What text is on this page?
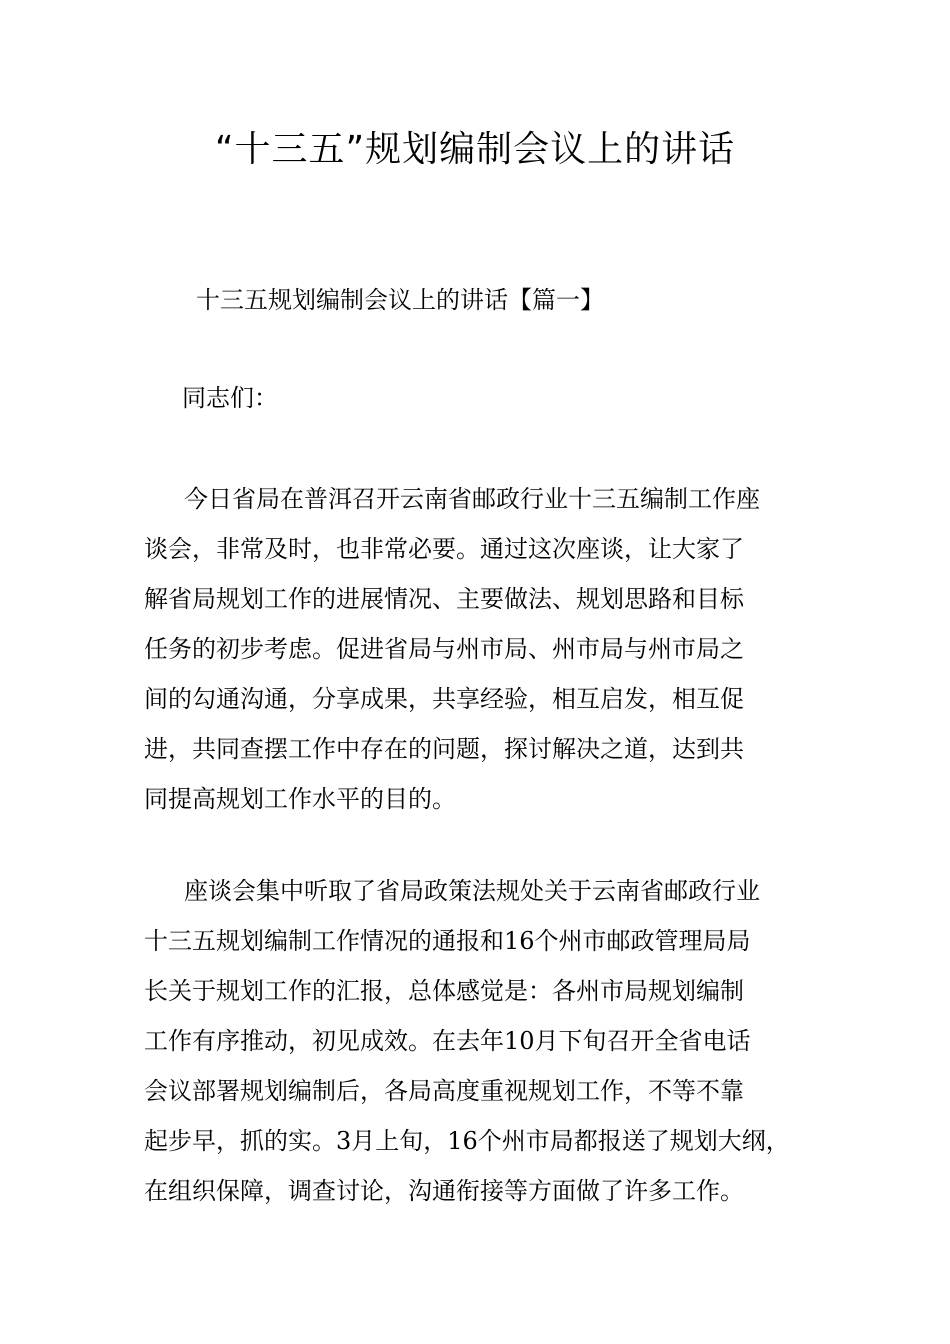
“十三五”规划编制会议上的讲话

十三五规划编制会议上的讲话【篇一】

同志们：

今日省局在普洱召开云南省邮政行业十三五编制工作座
谈会，非常及时，也非常必要。通过这次座谈，让大家了
解省局规划工作的进展情况、主要做法、规划思路和目标
任务的初步考虑。促进省局与州市局、州市局与州市局之
间的勾通沟通，分享成果，共享经验，相互启发，相互促
进，共同查摆工作中存在的问题，探讨解决之道，达到共
同提高规划工作水平的目的。
座谈会集中听取了省局政策法规处关于云南省邮政行业
十三五规划编制工作情况的通报和16个州市邮政管理局局
长关于规划工作的汇报，总体感觉是：各州市局规划编制
工作有序推动，初见成效。在去年10月下旬召开全省电话
会议部署规划编制后，各局高度重视规划工作，不等不靠
起步早，抓的实。3月上旬，16个州市局都报送了规划大纲，
在组织保障，调查讨论，沟通衔接等方面做了许多工作。
